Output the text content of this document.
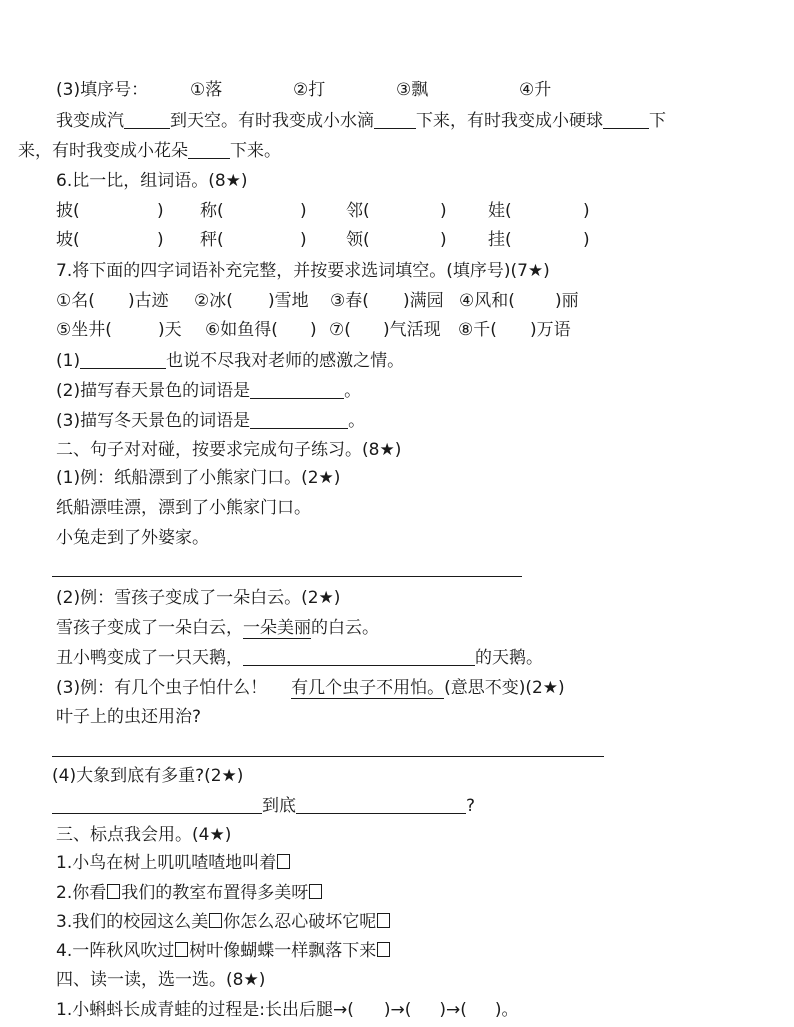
(3)填序号： ①落	②打	③飘	④升
我变成汽	到天空。有时我变成小水滴 下来，有时我变成小硬球	下
来，有时我变成小花朵 下来。
6.比一比，组词语。(8★)
披(	) 称(	) 邻(	) 娃(	)
坡(	) 秤(	) 领(	) 挂(	)
7.将下面的四字词语补充完整，并按要求选词填空。(填序号)(7★)
①名( )古迹 ②冰( )雪地 ③春( )满园 ④风和( )丽
⑤坐井(	)天 ⑥如鱼得( ) ⑦( )气活现 ⑧千( )万语
(1)	也说不尽我对老师的感激之情。
(2)描写春天景色的词语是	。
(3)描写冬天景色的词语是	。
二、句子对对碰，按要求完成句子练习。(8★)
(1)例：纸船漂到了小熊家门口。(2★)
纸船漂哇漂，漂到了小熊家门口。
小兔走到了外婆家。
(2)例：雪孩子变成了一朵白云。(2★)
雪孩子变成了一朵白云，一朵美丽的白云。
丑小鸭变成了一只天鹅，	的天鹅。
(3)例：有几个虫子怕什么！ 有几个虫子不用怕。(意思不变)(2★)
叶子上的虫还用治?
(4)大象到底有多重?(2★)
到底	?
三、标点我会用。(4★)
1.小鸟在树上叽叽喳喳地叫着
2.你看 我们的教室布置得多美呀
3.我们的校园这么美 你怎么忍心破坏它呢
4.一阵秋风吹过 树叶像蝴蝶一样飘落下来
四、读一读，选一选。(8★)
1.小蝌蚪长成青蛙的过程是:长出后腿→( )→( )→( )。
